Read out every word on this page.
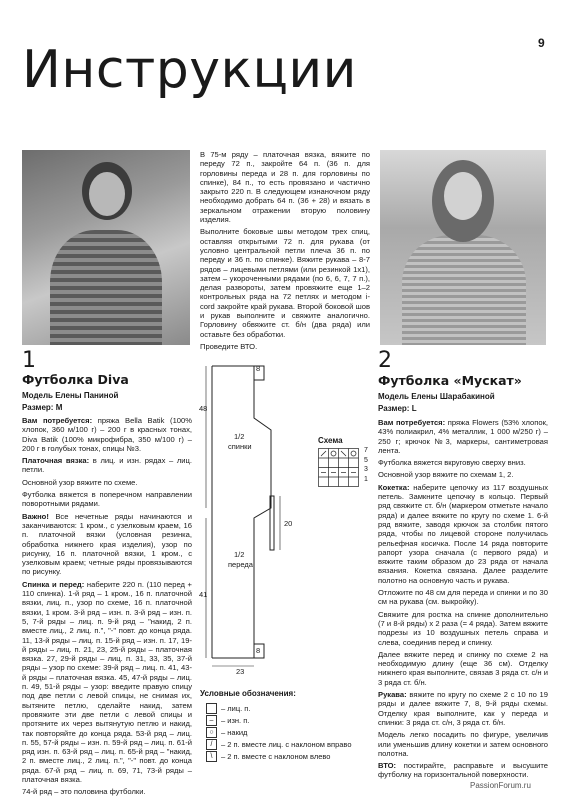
9
Инструкции
1
Футболка Diva
Модель Елены Паниной
Размер: M

Вам потребуется: пряжа Bella Batik (100% хлопок, 360 м/100 г) – 200 г в красных тонах, Diva Batik (100% микрофибра, 350 м/100 г) – 200 г в голубых тонах, спицы №3.

Платочная вязка: в лиц. и изн. рядах – лиц. петли.

Основной узор вяжите по схеме.

Футболка вяжется в поперечном направлении поворотными рядами.

Важно! Все нечетные ряды начинаются и заканчиваются: 1 кром., с узелковым краем, 16 п. платочной вязки (условная резинка, обработка нижнего края изделия), узор по рисунку, 16 п. платочной вязки, 1 кром., с узелковым краем; четные ряды провязываются по рисунку.

Спинка и перед: наберите 220 п. (110 перед + 110 спинка). 1-й ряд – 1 кром., 16 п. платочной вязки, лиц. п., узор по схеме, 16 п. платочной вязки, 1 кром. 3-й ряд – изн. п. 3-й ряд – изн. п. 5, 7-й ряды – лиц. п. 9-й ряд – "накид, 2 п. вместе лиц., 2 лиц. п.", "-" повт. до конца ряда. 11, 13-й ряды – лиц. п. 15-й ряд – изн. п. 17, 19-й ряды – лиц. п. 21, 23, 25-й ряды – платочная вязка. 27, 29-й ряды – лиц. п. 31, 33, 35, 37-й ряды – узор по схеме: 39-й ряд – лиц. п. 41, 43-й ряды – платочная вязка. 45, 47-й ряды – лиц. п. 49, 51-й ряды – узор: введите правую спицу под две петли с левой спицы, не снимая их, вытяните петлю, сделайте накид, затем провяжите эти две петли с левой спицы и протяните их через вытянутую петлю и накид, так повторяйте до конца ряда. 53-й ряд – лиц. п. 55, 57-й ряды – изн. п. 59-й ряд – лиц. п. 61-й ряд изн. п. 63-й ряд – лиц. п. 65-й ряд – "накид, 2 п. вместе лиц., 2 лиц. п.", "-" повт. до конца ряда. 67-й ряд – лиц. п. 69, 71, 73-й ряды – платочная вязка.

74-й ряд – это половина футболки.

В 75-м ряду – платочная вязка, вяжите по переду 72 п., закройте 64 п. (36 п. для горловины переда и 28 п. для горловины по спинке), 84 п., то есть провязано и частично закрыто 220 п. В следующем изнаночном ряду необходимо добрать 64 п. (36 + 28) и вязать в зеркальном отражении вторую половину изделия.

Выполните боковые швы методом трех спиц, оставляя открытыми 72 п. для рукава (от условно центральной петли плеча 36 п. по переду и 36 п. по спинке). Вяжите рукава – 8-7 рядов – лицевыми петлями (или резинкой 1х1), затем – укороченными рядами (по 6, 6, 7, 7 п.), делая развороты, затем провяжите еще 1–2 контрольных ряда на 72 петлях и методом i-cord закройте край рукава. Второй боковой шов и рукав выполните и свяжите аналогично. Горловину обвяжите ст. б/н (два ряда) или оставьте без обработки.

Проведите ВТО.

8
48
20
41
8
23
1/2
спинки
1/2
переда
Схема
7
5
3
1
Условные обозначения:
– лиц. п.
–	– изн. п.
○ – накид
/	– 2 п. вместе лиц. с наклоном вправо
\	– 2 п. вместе с наклоном влево
2
Футболка «Мускат»
Модель Елены Шарабакиной
Размер: L

Вам потребуется: пряжа Flowers (53% хлопок, 43% полиакрил, 4% металлик, 1 000 м/250 г) – 250 г; крючок №3, маркеры, сантиметровая лента.

Футболка вяжется вкруговую сверху вниз.

Основной узор вяжите по схемам 1, 2.

Кокетка: наберите цепочку из 117 воздушных петель. Замкните цепочку в кольцо. Первый ряд свяжите ст. б/н (маркером отметьте начало ряда) и далее вяжите по кругу по схеме 1. 6-й ряд вяжите, заводя крючок за столбик пятого ряда, чтобы по лицевой стороне получилась рельефная косичка. После 14 ряда повторите рапорт узора сначала (с первого ряда) и вяжите таким образом до 23 ряда от начала вязания. Кокетка связана. Далее разделите полотно на основную часть и рукава.

Отложите по 48 см для переда и спинки и по 30 см на рукава (см. выкройку).

Свяжите для ростка на спинке дополнительно (7 и 8-й ряды) х 2 раза (= 4 ряда). Затем вяжите подрезы из 10 воздушных петель справа и слева, соединив перед и спинку.

Далее вяжите перед и спинку по схеме 2 на необходимую длину (еще 36 см). Отделку нижнего края выполните, связав 3 ряда ст. с/н и 3 ряда ст. б/н.

Рукава: вяжите по кругу по схеме 2 с 10 по 19 ряды и далее вяжите 7, 8, 9-й ряды схемы. Отделку края выполните, как у переда и спинки: 3 ряда ст. с/н, 3 ряда ст. б/н.

Модель легко посадить по фигуре, увеличив или уменьшив длину кокетки и затем основного полотна.

ВТО: постирайте, расправьте и высушите футболку на горизонтальной поверхности.

PassionForum.ru
